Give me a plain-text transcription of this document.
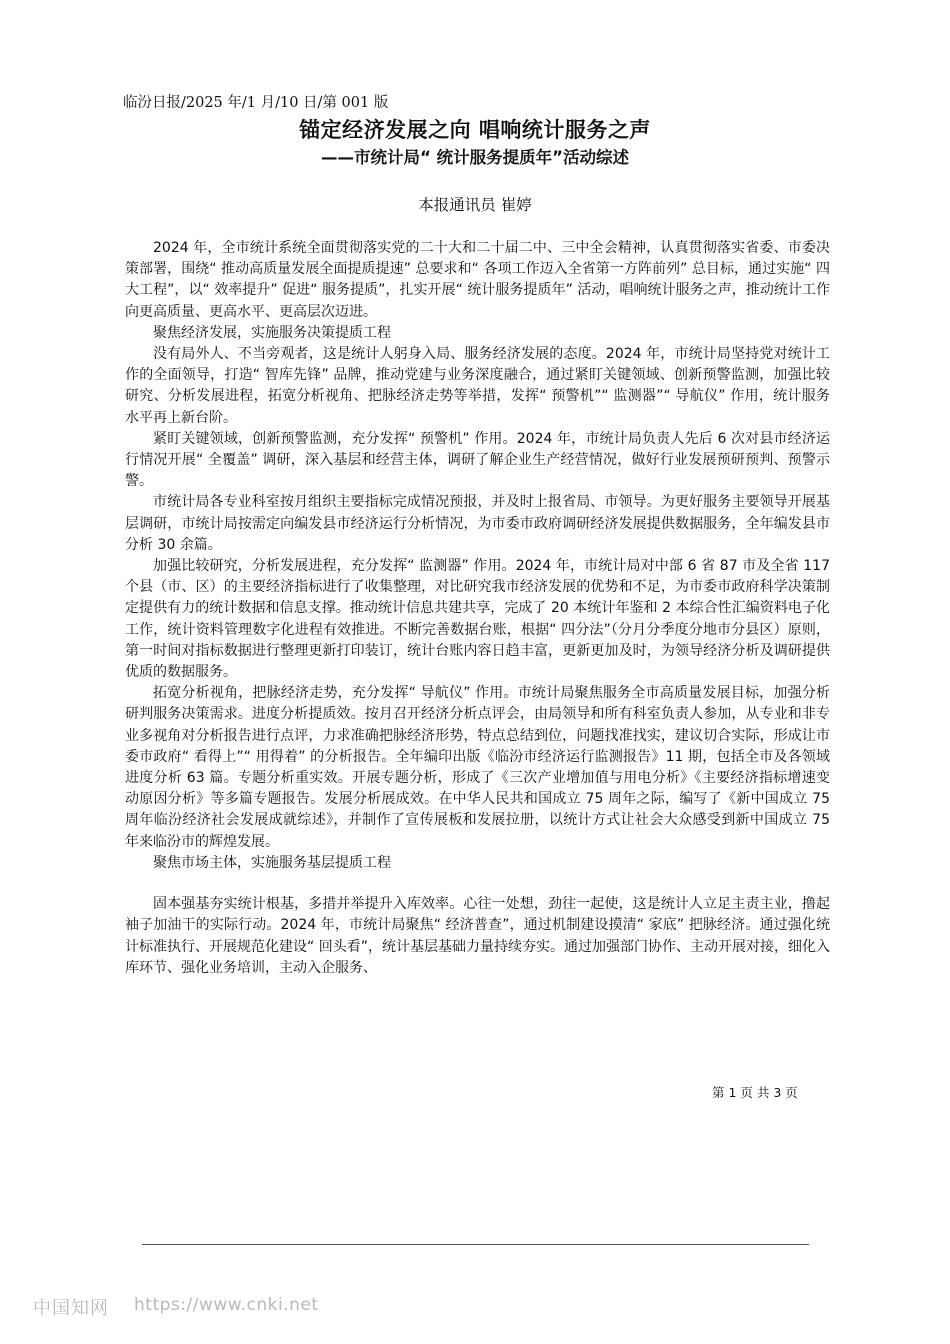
临汾日报/2025 年/1 月/10 日/第 001 版
锚定经济发展之向 唱响统计服务之声
——市统计局“ 统计服务提质年”活动综述
本报通讯员 崔婷

2024 年，全市统计系统全面贯彻落实党的二十大和二十届二中、三中全会精神，认真贯彻落实省委、市委决策部署，围绕“ 推动高质量发展全面提质提速” 总要求和“ 各项工作迈入全省第一方阵前列” 总目标，通过实施“ 四大工程”，以“ 效率提升” 促进“ 服务提质”，扎实开展“ 统计服务提质年” 活动，唱响统计服务之声，推动统计工作向更高质量、更高水平、更高层次迈进。

聚焦经济发展，实施服务决策提质工程

没有局外人、不当旁观者，这是统计人躬身入局、服务经济发展的态度。2024 年，市统计局坚持党对统计工作的全面领导，打造“ 智库先锋” 品牌，推动党建与业务深度融合，通过紧盯关键领域、创新预警监测，加强比较研究、分析发展进程，拓宽分析视角、把脉经济走势等举措，发挥“ 预警机”“ 监测器”“ 导航仪” 作用，统计服务水平再上新台阶。

紧盯关键领域，创新预警监测，充分发挥“ 预警机” 作用。2024 年，市统计局负责人先后 6 次对县市经济运行情况开展“ 全覆盖” 调研，深入基层和经营主体，调研了解企业生产经营情况，做好行业发展预研预判、预警示警。

市统计局各专业科室按月组织主要指标完成情况预报，并及时上报省局、市领导。为更好服务主要领导开展基层调研，市统计局按需定向编发县市经济运行分析情况，为市委市政府调研经济发展提供数据服务，全年编发县市分析 30 余篇。

加强比较研究，分析发展进程，充分发挥“ 监测器” 作用。2024 年，市统计局对中部 6 省 87 市及全省 117 个县（市、区）的主要经济指标进行了收集整理，对比研究我市经济发展的优势和不足，为市委市政府科学决策制定提供有力的统计数据和信息支撑。推动统计信息共建共享，完成了 20 本统计年鉴和 2 本综合性汇编资料电子化工作，统计资料管理数字化进程有效推进。不断完善数据台账，根据“ 四分法”（分月分季度分地市分县区）原则，第一时间对指标数据进行整理更新打印装订，统计台账内容日趋丰富，更新更加及时，为领导经济分析及调研提供优质的数据服务。

拓宽分析视角，把脉经济走势，充分发挥“ 导航仪” 作用。市统计局聚焦服务全市高质量发展目标，加强分析研判服务决策需求。进度分析提质效。按月召开经济分析点评会，由局领导和所有科室负责人参加，从专业和非专业多视角对分析报告进行点评，力求准确把脉经济形势，特点总结到位，问题找准找实，建议切合实际，形成让市委市政府“ 看得上”“ 用得着” 的分析报告。全年编印出版《临汾市经济运行监测报告》11 期，包括全市及各领域进度分析 63 篇。专题分析重实效。开展专题分析，形成了《三次产业增加值与用电分析》《主要经济指标增速变动原因分析》等多篇专题报告。发展分析展成效。在中华人民共和国成立 75 周年之际，编写了《新中国成立 75 周年临汾经济社会发展成就综述》，并制作了宣传展板和发展拉册，以统计方式让社会大众感受到新中国成立 75 年来临汾市的辉煌发展。

聚焦市场主体，实施服务基层提质工程

固本强基夯实统计根基，多措并举提升入库效率。心往一处想，劲往一起使，这是统计人立足主责主业，撸起袖子加油干的实际行动。2024 年，市统计局聚焦“ 经济普查”，通过机制建设摸清“ 家底” 把脉经济。通过强化统计标准执行、开展规范化建设“ 回头看”，统计基层基础力量持续夯实。通过加强部门协作、主动开展对接，细化入库环节、强化业务培训，主动入企服务、

第 1 页 共 3 页
中国知网 https://www.cnki.net
